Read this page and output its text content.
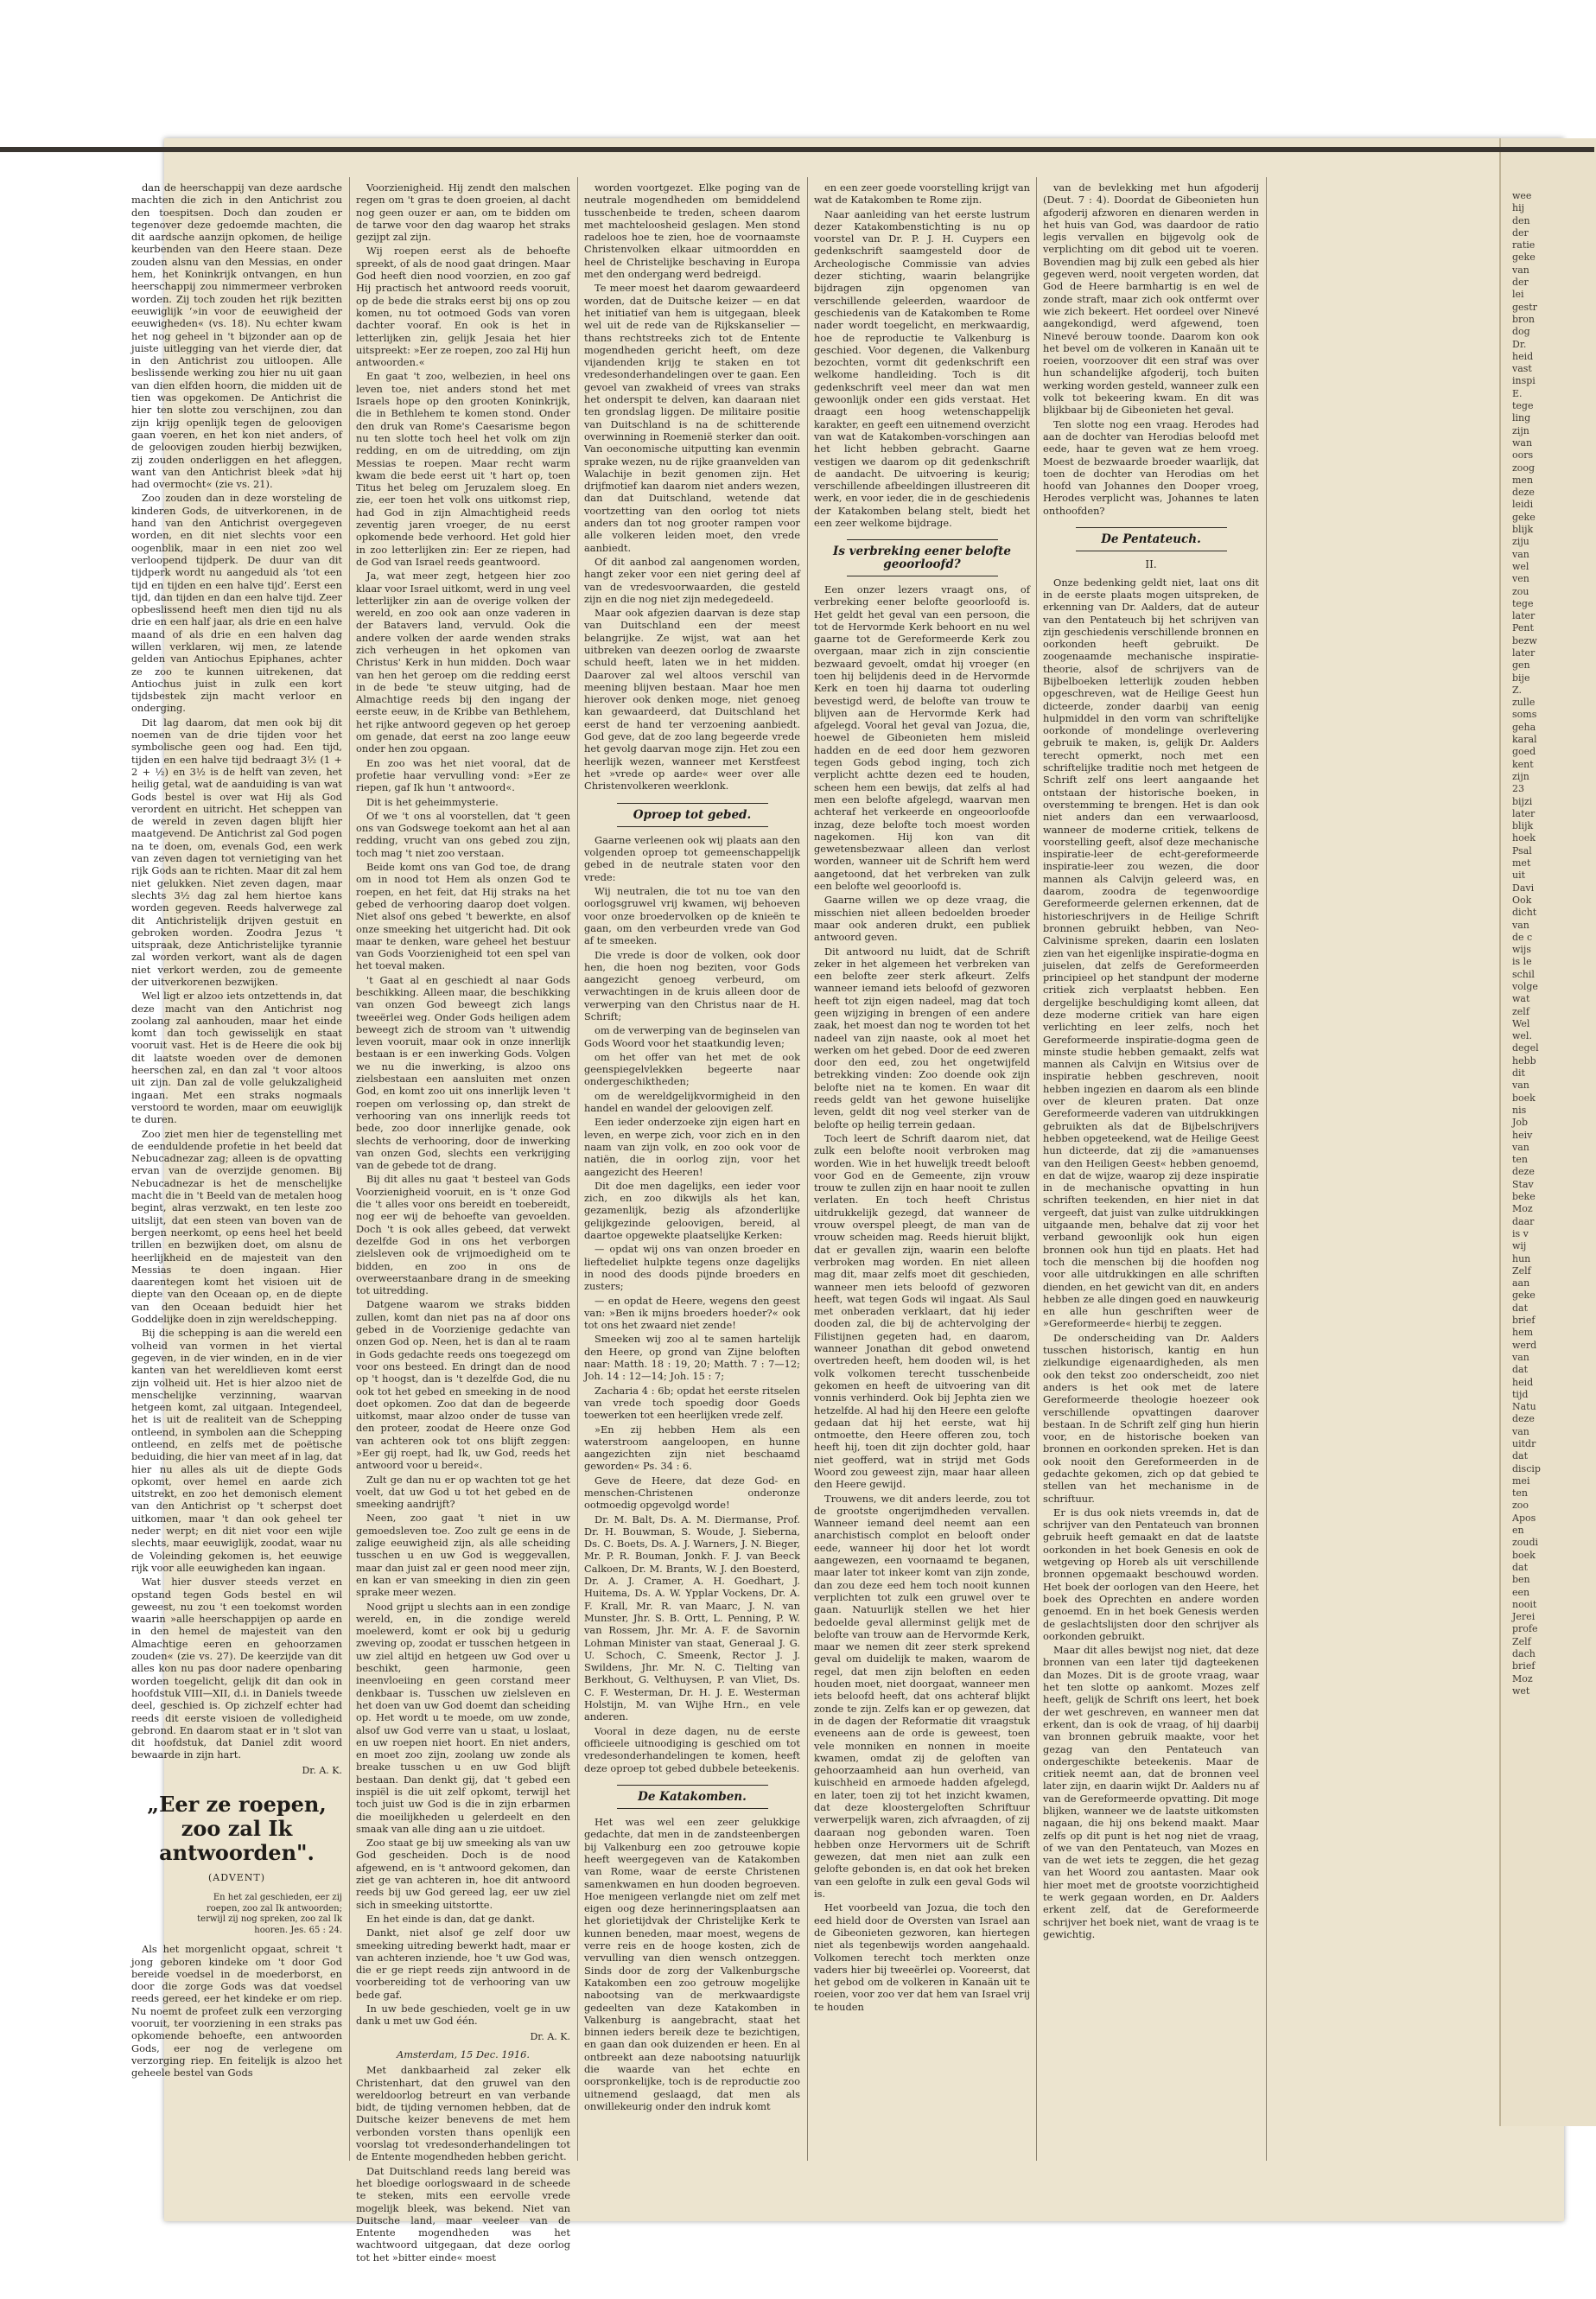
dan de heerschappij van deze aardsche machten die zich in den Antichrist zou den toespitsen. Doch dan zouden er tegenover deze gedoemde machten, die dit aardsche aanzijn opkomen, de heilige keurbenden van den Heere staan. Deze zouden alsnu van den Messias, en onder hem, het Koninkrijk ontvangen, en hun heerschappij zou nimmermeer verbroken worden. Zij toch zouden het rijk bezitten eeuwiglijk ‘»in voor de eeuwigheid der eeuwigheden« (vs. 18). Nu echter kwam het nog geheel in 't bijzonder aan op de juiste uitlegging van het vierde dier, dat in den Antichrist zou uitloopen. Alle beslissende werking zou hier nu uit gaan van dien elfden hoorn, die midden uit de tien was opgekomen. De Antichrist die hier ten slotte zou verschijnen, zou dan zijn krijg openlijk tegen de geloovigen gaan voeren, en het kon niet anders, of de geloovigen zouden hierbij bezwijken, zij zouden onderliggen en het afleggen, want van den Antichrist bleek »dat hij had overmocht« (zie vs. 21).

Zoo zouden dan in deze worsteling de kinderen Gods, de uitverkorenen, in de hand van den Antichrist overgegeven worden, en dit niet slechts voor een oogenblik, maar in een niet zoo wel verloopend tijdperk. De duur van dit tijdperk wordt nu aangeduid als ‘tot een tijd en tijden en een halve tijd’. Eerst een tijd, dan tijden en dan een halve tijd. Zeer opbeslissend heeft men dien tijd nu als drie en een half jaar, als drie en een halve maand of als drie en een halven dag willen verklaren, wij men, ze latende gelden van Antiochus Epiphanes, achter ze zoo te kunnen uitrekenen, dat Antiochus juist in zulk een kort tijdsbestek zijn macht verloor en onderging.

Dit lag daarom, dat men ook bij dit noemen van de drie tijden voor het symbolische geen oog had. Een tijd, tijden en een halve tijd bedraagt 3½ (1 + 2 + ½) en 3½ is de helft van zeven, het heilig getal, wat de aanduiding is van wat Gods bestel is over wat Hij als God verordent en uitricht. Het scheppen van de wereld in zeven dagen blijft hier maatgevend. De Antichrist zal God pogen na te doen, om, evenals God, een werk van zeven dagen tot vernietiging van het rijk Gods aan te richten. Maar dit zal hem niet gelukken. Niet zeven dagen, maar slechts 3½ dag zal hem hiertoe kans worden gegeven. Reeds halverwege zal dit Antichristelijk drijven gestuit en gebroken worden. Zoodra Jezus 't uitspraak, deze Antichristelijke tyrannie zal worden verkort, want als de dagen niet verkort werden, zou de gemeente der uitverkorenen bezwijken.

Wel ligt er alzoo iets ontzettends in, dat deze macht van den Antichrist nog zoolang zal aanhouden, maar het einde komt dan toch gewisselijk en staat vooruit vast. Het is de Heere die ook bij dit laatste woeden over de demonen heerschen zal, en dan zal 't voor altoos uit zijn. Dan zal de volle gelukzaligheid ingaan. Met een straks nogmaals verstoord te worden, maar om eeuwiglijk te duren.

Zoo ziet men hier de tegenstelling met de eenduldende profetie in het beeld dat Nebucadnezar zag; alleen is de opvatting ervan van de overzijde genomen. Bij Nebucadnezar is het de menschelijke macht die in 't Beeld van de metalen hoog begint, alras verzwakt, en ten leste zoo uitslijt, dat een steen van boven van de bergen neerkomt, op eens heel het beeld trillen en bezwijken doet, om alsnu de heerlijkheid en de majesteit van den Messias te doen ingaan. Hier daarentegen komt het visioen uit de diepte van den Oceaan op, en de diepte van den Oceaan beduidt hier het Goddelijke doen in zijn wereldschepping.

Bij die schepping is aan die wereld een volheid van vormen in het viertal gegeven, in de vier winden, en in de vier kanten van het wereldlieven komt eerst zijn volheid uit. Het is hier alzoo niet de menschelijke verzinning, waarvan hetgeen komt, zal uitgaan. Integendeel, het is uit de realiteit van de Schepping ontleend, in symbolen aan die Schepping ontleend, en zelfs met de poëtische beduiding, die hier van meet af in lag, dat hier nu alles als uit de diepte Gods opkomt, over hemel en aarde zich uitstrekt, en zoo het demonisch element van den Antichrist op 't scherpst doet uitkomen, maar 't dan ook geheel ter neder werpt; en dit niet voor een wijle slechts, maar eeuwiglijk, zoodat, waar nu de Voleinding gekomen is, het eeuwige rijk voor alle eeuwigheden kan ingaan.

Wat hier dusver steeds verzet en opstand tegen Gods bestel en wil geweest, nu zou 't een toekomst worden waarin »alle heerschappijen op aarde en in den hemel de majesteit van den Almachtige eeren en gehoorzamen zouden« (zie vs. 27). De keerzijde van dit alles kon nu pas door nadere openbaring worden toegelicht, gelijk dit dan ook in hoofdstuk VIII—XII, d.i. in Daniels tweede deel, geschied is. Op zichzelf echter had reeds dit eerste visioen de volledigheid gebrond. En daarom staat er in 't slot van dit hoofdstuk, dat Daniel zdit woord bewaarde in zijn hart.

Dr. A. K.
„Eer ze roepen, zoo zal Ik antwoorden".
(ADVENT)
En het zal geschieden, eer zij roepen, zoo zal Ik antwoorden; terwijl zij nog spreken, zoo zal Ik hooren. Jes. 65 : 24.

Als het morgenlicht opgaat, schreit 't jong geboren kindeke om 't door God bereide voedsel in de moederborst, en door die zorge Gods was dat voedsel reeds gereed, eer het kindeke er om riep. Nu noemt de profeet zulk een verzorging vooruit, ter voorziening in een straks pas opkomende behoefte, een antwoorden Gods, eer nog de verlegene om verzorging riep. En feitelijk is alzoo het geheele bestel van Gods

Voorzienigheid. Hij zendt den malschen regen om 't gras te doen groeien, al dacht nog geen ouzer er aan, om te bidden om de tarwe voor den dag waarop het straks gezijpt zal zijn.

Wij roepen eerst als de behoefte spreekt, of als de nood gaat dringen. Maar God heeft dien nood voorzien, en zoo gaf Hij practisch het antwoord reeds vooruit, op de bede die straks eerst bij ons op zou komen, nu tot ootmoed Gods van voren dachter vooraf. En ook is het in letterlijken zin, gelijk Jesaia het hier uitspreekt: »Eer ze roepen, zoo zal Hij hun antwoorden.«

En gaat 't zoo, welbezien, in heel ons leven toe, niet anders stond het met Israels hope op den grooten Koninkrijk, die in Bethlehem te komen stond. Onder den druk van Rome's Caesarisme begon nu ten slotte toch heel het volk om zijn redding, en om de uitredding, om zijn Messias te roepen. Maar recht warm kwam die bede eerst uit 't hart op, toen Titus het beleg om Jeruzalem sloeg. En zie, eer toen het volk ons uitkomst riep, had God in zijn Almachtigheid reeds zeventig jaren vroeger, de nu eerst opkomende bede verhoord. Het gold hier in zoo letterlijken zin: Eer ze riepen, had de God van Israel reeds geantwoord.

Ja, wat meer zegt, hetgeen hier zoo klaar voor Israel uitkomt, werd in ung veel letterlijker zin aan de overige volken der wereld, en zoo ook aan onze vaderen in der Batavers land, vervuld. Ook die andere volken der aarde wenden straks zich verheugen in het opkomen van Christus' Kerk in hun midden. Doch waar van hen het geroep om die redding eerst in de bede 'te steuw uitging, had de Almachtige reeds bij den ingang der eerste eeuw, in de Kribbe van Bethlehem, het rijke antwoord gegeven op het geroep om genade, dat eerst na zoo lange eeuw onder hen zou opgaan.

En zoo was het niet vooral, dat de profetie haar vervulling vond: »Eer ze riepen, gaf Ik hun 't antwoord«.

Dit is het geheimmysterie.

Of we 't ons al voorstellen, dat 't geen ons van Godswege toekomt aan het al aan redding, vrucht van ons gebed zou zijn, toch mag 't niet zoo verstaan.

Beide komt ons van God toe, de drang om in nood tot Hem als onzen God te roepen, en het feit, dat Hij straks na het gebed de verhooring daarop doet volgen. Niet alsof ons gebed 't bewerkte, en alsof onze smeeking het uitgericht had. Dit ook maar te denken, ware geheel het bestuur van Gods Voorzienigheid tot een spel van het toeval maken.

't Gaat al en geschiedt al naar Gods beschikking. Alleen maar, die beschikking van onzen God beweegt zich langs tweeërlei weg. Onder Gods heiligen adem beweegt zich de stroom van 't uitwendig leven vooruit, maar ook in onze innerlijk bestaan is er een inwerking Gods. Volgen we nu die inwerking, is alzoo ons zielsbestaan een aansluiten met onzen God, en komt zoo uit ons innerlijk leven 't roepen om verlossing op, dan strekt de verhooring van ons innerlijk reeds tot bede, zoo door innerlijke genade, ook slechts de verhooring, door de inwerking van onzen God, slechts een verkrijging van de gebede tot de drang.

Bij dit alles nu gaat 't besteel van Gods Voorzienigheid vooruit, en is 't onze God die 't alles voor ons bereidt en toebereidt, nog eer wij de behoefte van gevoelden. Doch 't is ook alles gebeed, dat verwekt dezelfde God in ons het verborgen zielsleven ook de vrijmoedigheid om te bidden, en zoo in ons de overweerstaanbare drang in de smeeking tot uitredding.

Datgene waarom we straks bidden zullen, komt dan niet pas na af door ons gebed in de Voorzienige gedachte van onzen God op. Neen, het is dan al te raam in Gods gedachte reeds ons toegezegd om voor ons besteed. En dringt dan de nood op 't hoogst, dan is 't dezelfde God, die nu ook tot het gebed en smeeking in de nood doet opkomen. Zoo dat dan de begeerde uitkomst, maar alzoo onder de tusse van den proteer, zoodat de Heere onze God van achteren ook tot ons blijft zeggen: »Eer gij roept, had Ik, uw God, reeds het antwoord voor u bereid«.

Zult ge dan nu er op wachten tot ge het voelt, dat uw God u tot het gebed en de smeeking aandrijft?

Neen, zoo gaat 't niet in uw gemoedsleven toe. Zoo zult ge eens in de zalige eeuwigheid zijn, als alle scheiding tusschen u en uw God is weggevallen, maar dan juist zal er geen nood meer zijn, en kan er van smeeking in dien zin geen sprake meer wezen.

Nood grijpt u slechts aan in een zondige wereld, en, in die zondige wereld moelewerd, komt er ook bij u gedurig zweving op, zoodat er tusschen hetgeen in uw ziel altijd en hetgeen uw God over u beschikt, geen harmonie, geen ineenvloeiing en geen corstand meer denkbaar is. Tusschen uw zielsleven en het doen van uw God doemt dan scheiding op. Het wordt u te moede, om uw zonde, alsof uw God verre van u staat, u loslaat, en uw roepen niet hoort. En niet anders, en moet zoo zijn, zoolang uw zonde als breake tusschen u en uw God blijft bestaan. Dan denkt gij, dat 't gebed een inspiël is die uit zelf opkomt, terwijl het toch juist uw God is die in zijn erbarmen die moeilijkheden u gelerdeelt en den smaak van alle ding aan u zie uitdoet.

Zoo staat ge bij uw smeeking als van uw God gescheiden. Doch is de nood afgewend, en is 't antwoord gekomen, dan ziet ge van achteren in, hoe dit antwoord reeds bij uw God gereed lag, eer uw ziel sich in smeeking uitstortte.

En het einde is dan, dat ge dankt.

Dankt, niet alsof ge zelf door uw smeeking uitreding bewerkt hadt, maar er van achteren inziende, hoe 't uw God was, die er ge riept reeds zijn antwoord in de voorbereiding tot de verhooring van uw bede gaf.

In uw bede geschieden, voelt ge in uw dank u met uw God één.

Dr. A. K.
Amsterdam, 15 Dec. 1916.

Met dankbaarheid zal zeker elk Christenhart, dat den gruwel van den wereldoorlog betreurt en van verbande bidt, de tijding vernomen hebben, dat de Duitsche keizer benevens de met hem verbonden vorsten thans openlijk een voorslag tot vredesonderhandelingen tot de Entente mogendheden hebben gericht.

Dat Duitschland reeds lang bereid was het bloedige oorlogswaard in de scheede te steken, mits een eervolle vrede mogelijk bleek, was bekend. Niet van Duitsche land, maar veeleer van de Entente mogendheden was het wachtwoord uitgegaan, dat deze oorlog tot het »bitter einde« moest

worden voortgezet. Elke poging van de neutrale mogendheden om bemiddelend tusschenbeide te treden, scheen daarom met machteloosheid geslagen. Men stond radeloos hoe te zien, hoe de voornaamste Christenvolken elkaar uitmoordden en heel de Christelijke beschaving in Europa met den ondergang werd bedreigd.

Te meer moest het daarom gewaardeerd worden, dat de Duitsche keizer — en dat het initiatief van hem is uitgegaan, bleek wel uit de rede van de Rijkskanselier — thans rechtstreeks zich tot de Entente mogendheden gericht heeft, om deze vijandenden krijg te staken en tot vredesonderhandelingen over te gaan. Een gevoel van zwakheid of vrees van straks het onderspit te delven, kan daaraan niet ten grondslag liggen. De militaire positie van Duitschland is na de schitterende overwinning in Roemenië sterker dan ooit. Van oeconomische uitputting kan evenmin sprake wezen, nu de rijke graanvelden van Walachije in bezit genomen zijn. Het drijfmotief kan daarom niet anders wezen, dan dat Duitschland, wetende dat voortzetting van den oorlog tot niets anders dan tot nog grooter rampen voor alle volkeren leiden moet, den vrede aanbiedt.

Of dit aanbod zal aangenomen worden, hangt zeker voor een niet gering deel af van de vredesvoorwaarden, die gesteld zijn en die nog niet zijn medegedeeld.

Maar ook afgezien daarvan is deze stap van Duitschland een der meest belangrijke. Ze wijst, wat aan het uitbreken van deezen oorlog de zwaarste schuld heeft, laten we in het midden. Daarover zal wel altoos verschil van meening blijven bestaan. Maar hoe men hierover ook denken moge, niet genoeg kan gewaardeerd, dat Duitschland het eerst de hand ter verzoening aanbiedt. God geve, dat de zoo lang begeerde vrede het gevolg daarvan moge zijn. Het zou een heerlijk wezen, wanneer met Kerstfeest het »vrede op aarde« weer over alle Christenvolkeren weerklonk.

Oproep tot gebed.

Gaarne verleenen ook wij plaats aan den volgenden oproep tot gemeenschappelijk gebed in de neutrale staten voor den vrede:

Wij neutralen, die tot nu toe van den oorlogsgruwel vrij kwamen, wij behoeven voor onze broedervolken op de knieën te gaan, om den verbeurden vrede van God af te smeeken.

Die vrede is door de volken, ook door hen, die hoen nog beziten, voor Gods aangezicht genoeg verbeurd, om verwachtingen in de kruis alleen door de verwerping van den Christus naar de H. Schrift;

om de verwerping van de beginselen van Gods Woord voor het staatkundig leven;

om het offer van het met de ook geenspiegelvlekken begeerte naar ondergeschiktheden;

om de wereldgelijkvormigheid in den handel en wandel der geloovigen zelf.

Een ieder onderzoeke zijn eigen hart en leven, en werpe zich, voor zich en in den naam van zijn volk, en zoo ook voor de natiën, die in oorlog zijn, voor het aangezicht des Heeren!

Dit doe men dagelijks, een ieder voor zich, en zoo dikwijls als het kan, gezamenlijk, bezig als afzonderlijke gelijkgezinde geloovigen, bereid, al daartoe opgewekte plaatselijke Kerken:

— opdat wij ons van onzen broeder en lieftedeliet hulpkte tegens onze dagelijks in nood des doods pijnde broeders en zusters;

— en opdat de Heere, wegens den geest van: »Ben ik mijns broeders hoeder?« ook tot ons het zwaard niet zende!

Smeeken wij zoo al te samen hartelijk den Heere, op grond van Zijne beloften naar: Matth. 18 : 19, 20; Matth. 7 : 7—12; Joh. 14 : 12—14; Joh. 15 : 7;

Zacharia 4 : 6b; opdat het eerste ritselen van vrede toch spoedig door Goeds toewerken tot een heerlijken vrede zelf.

»En zij hebben Hem als een waterstroom aangeloopen, en hunne aangezichten zijn niet beschaamd geworden« Ps. 34 : 6.

Geve de Heere, dat deze God- en menschen-Christenen onderonze ootmoedig opgevolgd worde!

Dr. M. Balt, Ds. A. M. Diermanse, Prof. Dr. H. Bouwman, S. Woude, J. Sieberna, Ds. C. Boets, Ds. A. J. Warners, J. N. Bieger, Mr. P. R. Bouman, Jonkh. F. J. van Beeck Calkoen, Dr. M. Brants, W. J. den Boesterd, Dr. A. J. Cramer, A. H. Goedhart, J. Huitema, Ds. A. W. Ypplar Vockens, Dr. A. F. Krall, Mr. R. van Maarc, J. N. van Munster, Jhr. S. B. Ortt, L. Penning, P. W. van Rossem, Jhr. Mr. A. F. de Savornin Lohman Minister van staat, Generaal J. G. U. Schoch, C. Smeenk, Rector J. J. Swildens, Jhr. Mr. N. C. Tielting van Berkhout, G. Velthuysen, P. van Vliet, Ds. C. F. Westerman, Dr. H. J. E. Westerman Holstijn, M. van Wijhe Hrn., en vele anderen.

Vooral in deze dagen, nu de eerste officieele uitnoodiging is geschied om tot vredesonderhandelingen te komen, heeft deze oproep tot gebed dubbele beteekenis.

De Katakomben.

Het was wel een zeer gelukkige gedachte, dat men in de zandsteenbergen bij Valkenburg een zoo getrouwe kopie heeft weergegeven van de Katakomben van Rome, waar de eerste Christenen samenkwamen en hun dooden begroeven. Hoe menigeen verlangde niet om zelf met eigen oog deze herinneringsplaatsen aan het glorietijdvak der Christelijke Kerk te kunnen beneden, maar moest, wegens de verre reis en de hooge kosten, zich de vervulling van dien wensch ontzeggen. Sinds door de zorg der Valkenburgsche Katakomben een zoo getrouw mogelijke nabootsing van de merkwaardigste gedeelten van deze Katakomben in Valkenburg is aangebracht, staat het binnen ieders bereik deze te bezichtigen, en gaan dan ook duizenden er heen. En al ontbreekt aan deze nabootsing natuurlijk die waarde van het echte en oorspronkelijke, toch is de reproductie zoo uitnemend geslaagd, dat men als onwillekeurig onder den indruk komt

en een zeer goede voorstelling krijgt van wat de Katakomben te Rome zijn.

Naar aanleiding van het eerste lustrum dezer Katakombenstichting is nu op voorstel van Dr. P. J. H. Cuypers een gedenkschrift saamgesteld door de Archeologische Commissie van advies dezer stichting, waarin belangrijke bijdragen zijn opgenomen van verschillende geleerden, waardoor de geschiedenis van de Katakomben te Rome nader wordt toegelicht, en merkwaardig, hoe de reproductie te Valkenburg is geschied. Voor degenen, die Valkenburg bezochten, vormt dit gedenkschrift een welkome handleiding. Toch is dit gedenkschrift veel meer dan wat men gewoonlijk onder een gids verstaat. Het draagt een hoog wetenschappelijk karakter, en geeft een uitnemend overzicht van wat de Katakomben-vorschingen aan het licht hebben gebracht. Gaarne vestigen we daarom op dit gedenkschrift de aandacht. De uitvoering is keurig; verschillende afbeeldingen illustreeren dit werk, en voor ieder, die in de geschiedenis der Katakomben belang stelt, biedt het een zeer welkome bijdrage.

Is verbreking eener belofte geoorloofd?

Een onzer lezers vraagt ons, of verbreking eener belofte geoorloofd is. Het geldt het geval van een persoon, die tot de Hervormde Kerk behoort en nu wel gaarne tot de Gereformeerde Kerk zou overgaan, maar zich in zijn conscientie bezwaard gevoelt, omdat hij vroeger (en toen hij belijdenis deed in de Hervormde Kerk en toen hij daarna tot ouderling bevestigd werd, de belofte van trouw te blijven aan de Hervormde Kerk had afgelegd. Vooral het geval van Jozua, die, hoewel de Gibeonieten hem misleid hadden en de eed door hem gezworen tegen Gods gebod inging, toch zich verplicht achtte dezen eed te houden, scheen hem een bewijs, dat zelfs al had men een belofte afgelegd, waarvan men achteraf het verkeerde en ongeoorloofde inzag, deze belofte toch moest worden nagekomen. Hij kon van dit gewetensbezwaar alleen dan verlost worden, wanneer uit de Schrift hem werd aangetoond, dat het verbreken van zulk een belofte wel geoorloofd is.

Gaarne willen we op deze vraag, die misschien niet alleen bedoelden broeder maar ook anderen drukt, een publiek antwoord geven.

Dit antwoord nu luidt, dat de Schrift zeker in het algemeen het verbreken van een belofte zeer sterk afkeurt. Zelfs wanneer iemand iets beloofd of gezworen heeft tot zijn eigen nadeel, mag dat toch geen wijziging in brengen of een andere zaak, het moest dan nog te worden tot het nadeel van zijn naaste, ook al moet het werken om het gebed. Door de eed zweren door den eed, zou het ongetwijfeld betrekking vinden: Zoo doende ook zijn belofte niet na te komen. En waar dit reeds geldt van het gewone huiselijke leven, geldt dit nog veel sterker van de belofte op heilig terrein gedaan.

Toch leert de Schrift daarom niet, dat zulk een belofte nooit verbroken mag worden. Wie in het huwelijk treedt belooft voor God en de Gemeente, zijn vrouw trouw te zullen zijn en haar nooit te zullen verlaten. En toch heeft Christus uitdrukkelijk gezegd, dat wanneer de vrouw overspel pleegt, de man van de vrouw scheiden mag. Reeds hieruit blijkt, dat er gevallen zijn, waarin een belofte verbroken mag worden. En niet alleen mag dit, maar zelfs moet dit geschieden, wanneer men iets beloofd of gezworen heeft, wat tegen Gods wil ingaat. Als Saul met onberaden verklaart, dat hij ieder dooden zal, die bij de achtervolging der Filistijnen gegeten had, en daarom, wanneer Jonathan dit gebod onwetend overtreden heeft, hem dooden wil, is het volk volkomen terecht tusschenbeide gekomen en heeft de uitvoering van dit vonnis verhinderd. Ook bij Jephta zien we hetzelfde. Al had hij den Heere een gelofte gedaan dat hij het eerste, wat hij ontmoette, den Heere offeren zou, toch heeft hij, toen dit zijn dochter gold, haar niet geofferd, wat in strijd met Gods Woord zou geweest zijn, maar haar alleen den Heere gewijd.

Trouwens, we dit anders leerde, zou tot de grootste ongerijmdheden vervallen. Wanneer iemand deel neemt aan een anarchistisch complot en belooft onder eede, wanneer hij door het lot wordt aangewezen, een voornaamd te beganen, maar later tot inkeer komt van zijn zonde, dan zou deze eed hem toch nooit kunnen verplichten tot zulk een gruwel over te gaan. Natuurlijk stellen we het hier bedoelde geval allerminst gelijk met de belofte van trouw aan de Hervormde Kerk, maar we nemen dit zeer sterk sprekend geval om duidelijk te maken, waarom de regel, dat men zijn beloften en eeden houden moet, niet doorgaat, wanneer men iets beloofd heeft, dat ons achteraf blijkt zonde te zijn. Zelfs kan er op gewezen, dat in de dagen der Reformatie dit vraagstuk eveneens aan de orde is geweest, toen vele monniken en nonnen in moeite kwamen, omdat zij de geloften van gehoorzaamheid aan hun overheid, van kuischheid en armoede hadden afgelegd, en later, toen zij tot het inzicht kwamen, dat deze kloostergeloften Schriftuur verwerpelijk waren, zich afvraagden, of zij daaraan nog gebonden waren. Toen hebben onze Hervormers uit de Schrift gewezen, dat men niet aan zulk een gelofte gebonden is, en dat ook het breken van een gelofte in zulk een geval Gods wil is.

Het voorbeeld van Jozua, die toch den eed hield door de Oversten van Israel aan de Gibeonieten gezworen, kan hiertegen niet als tegenbewijs worden aangehaald. Volkomen terecht toch merkten onze vaders hier bij tweeërlei op. Vooreerst, dat het gebod om de volkeren in Kanaän uit te roeien, voor zoo ver dat hem van Israel vrij te houden

van de bevlekking met hun afgoderij (Deut. 7 : 4). Doordat de Gibeonieten hun afgoderij afzworen en dienaren werden in het huis van God, was daardoor de ratio legis vervallen en bijgevolg ook de verplichting om dit gebod uit te voeren. Bovendien mag bij zulk een gebed als hier gegeven werd, nooit vergeten worden, dat God de Heere barmhartig is en wel de zonde straft, maar zich ook ontfermt over wie zich bekeert. Het oordeel over Ninevé aangekondigd, werd afgewend, toen Ninevé berouw toonde. Daarom kon ook het bevel om de volkeren in Kanaän uit te roeien, voorzoover dit een straf was over hun schandelijke afgoderij, toch buiten werking worden gesteld, wanneer zulk een volk tot bekeering kwam. En dit was blijkbaar bij de Gibeonieten het geval.

Ten slotte nog een vraag. Herodes had aan de dochter van Herodias beloofd met eede, haar te geven wat ze hem vroeg. Moest de bezwaarde broeder waarlijk, dat toen de dochter van Herodias om het hoofd van Johannes den Dooper vroeg, Herodes verplicht was, Johannes te laten onthoofden?

De Pentateuch.
II.

Onze bedenking geldt niet, laat ons dit in de eerste plaats mogen uitspreken, de erkenning van Dr. Aalders, dat de auteur van den Pentateuch bij het schrijven van zijn geschiedenis verschillende bronnen en oorkonden heeft gebruikt. De zoogenaamde mechanische inspiratie-theorie, alsof de schrijvers van de Bijbelboeken letterlijk zouden hebben opgeschreven, wat de Heilige Geest hun dicteerde, zonder daarbij van eenig hulpmiddel in den vorm van schriftelijke oorkonde of mondelinge overlevering gebruik te maken, is, gelijk Dr. Aalders terecht opmerkt, noch met een schriftelijke traditie noch met hetgeen de Schrift zelf ons leert aangaande het ontstaan der historische boeken, in overstemming te brengen. Het is dan ook niet anders dan een verwaarloosd, wanneer de moderne critiek, telkens de voorstelling geeft, alsof deze mechanische inspiratie-leer de echt-gereformeerde inspiratie-leer zou wezen, die door mannen als Calvijn geleerd was, en daarom, zoodra de tegenwoordige Gereformeerde gelernen erkennen, dat de historieschrijvers in de Heilige Schrift bronnen gebruikt hebben, van Neo-Calvinisme spreken, daarin een loslaten zien van het eigenlijke inspiratie-dogma en juiselen, dat zelfs de Gereformeerden principieel op het standpunt der moderne critiek zich verplaatst hebben. Een dergelijke beschuldiging komt alleen, dat deze moderne critiek van hare eigen verlichting en leer zelfs, noch het Gereformeerde inspiratie-dogma geen de minste studie hebben gemaakt, zelfs wat mannen als Calvijn en Witsius over de inspiratie hebben geschreven, nooit hebben ingezien en daarom als een blinde over de kleuren praten. Dat onze Gereformeerde vaderen van uitdrukkingen gebruikten als dat de Bijbelschrijvers hebben opgeteekend, wat de Heilige Geest hun dicteerde, dat zij die »amanuenses van den Heiligen Geest« hebben genoemd, en dat de wijze, waarop zij deze inspiratie in de mechanische opvatting in hun schriften teekenden, en hier niet in dat vergeeft, dat juist van zulke uitdrukkingen uitgaande men, behalve dat zij voor het verband gewoonlijk ook hun eigen bronnen ook hun tijd en plaats. Het had toch die menschen bij die hoofden nog voor alle uitdrukkingen en alle schriften dienden, en het gewicht van dit, en anders hebben ze alle dingen goed en nauwkeurig en alle hun geschriften weer de »Gereformeerde« hierbij te zeggen.

De onderscheiding van Dr. Aalders tusschen historisch, kantig en hun zielkundige eigenaardigheden, als men ook den tekst zoo onderscheidt, zoo niet anders is het ook met de latere Gereformeerde theologie hoezeer ook verschillende opvattingen daarover bestaan. In de Schrift zelf ging hun hierin voor, en de historische boeken van bronnen en oorkonden spreken. Het is dan ook nooit den Gereformeerden in de gedachte gekomen, zich op dat gebied te stellen van het mechanisme in de schriftuur.

Er is dus ook niets vreemds in, dat de schrijver van den Pentateuch van bronnen gebruik heeft gemaakt en dat de laatste oorkonden in het boek Genesis en ook de wetgeving op Horeb als uit verschillende bronnen opgemaakt beschouwd worden. Het boek der oorlogen van den Heere, het boek des Oprechten en andere worden genoemd. En in het boek Genesis werden de geslachtslijsten door den schrijver als oorkonden gebruikt.

Maar dit alles bewijst nog niet, dat deze bronnen van een later tijd dagteekenen dan Mozes. Dit is de groote vraag, waar het ten slotte op aankomt. Mozes zelf heeft, gelijk de Schrift ons leert, het boek der wet geschreven, en wanneer men dat erkent, dan is ook de vraag, of hij daarbij van bronnen gebruik maakte, voor het gezag van den Pentateuch van ondergeschikte beteekenis. Maar de critiek neemt aan, dat de bronnen veel later zijn, en daarin wijkt Dr. Aalders nu af van de Gereformeerde opvatting. Dit moge blijken, wanneer we de laatste uitkomsten nagaan, die hij ons bekend maakt. Maar zelfs op dit punt is het nog niet de vraag, of we van den Pentateuch, van Mozes en van de wet iets te zeggen, die het gezag van het Woord zou aantasten. Maar ook hier moet met de grootste voorzichtigheid te werk gegaan worden, en Dr. Aalders erkent zelf, dat de Gereformeerde schrijver het boek niet, want de vraag is te gewichtig.

wee
hij
den
der
ratie
geke
van
der
lei
gestr
bron
dog
Dr.
heid
vast
inspi
E.
tege
ling
zijn
wan
oors
zoog
men
deze
leidi
geke
blijk
ziju
van
wel
ven
zou
tege
later
Pent
bezw
later
gen
bije
Z.
zulle
soms
geha
karal
goed
kent
zijn
23
bijzi
later
blijk
hoek
Psal
met
uit
Davi
Ook
dicht
van
de c
wijs
is le
schil
volge
wat
zelf
Wel
wel.
degel
hebb
dit
van
boek
nis
Job
heiv
van
ten
deze
Stav
beke
Moz
daar
is v
wij
hun
Zelf
aan
geke
dat
brief
hem
werd
van
dat
heid
tijd
Natu
deze
van
uitdr
dat
discip
mei
ten
zoo
Apos
en
zoudi
boek
dat
ben
een
nooit
Jerei
profe
Zelf
dach
brief
Moz
wet
